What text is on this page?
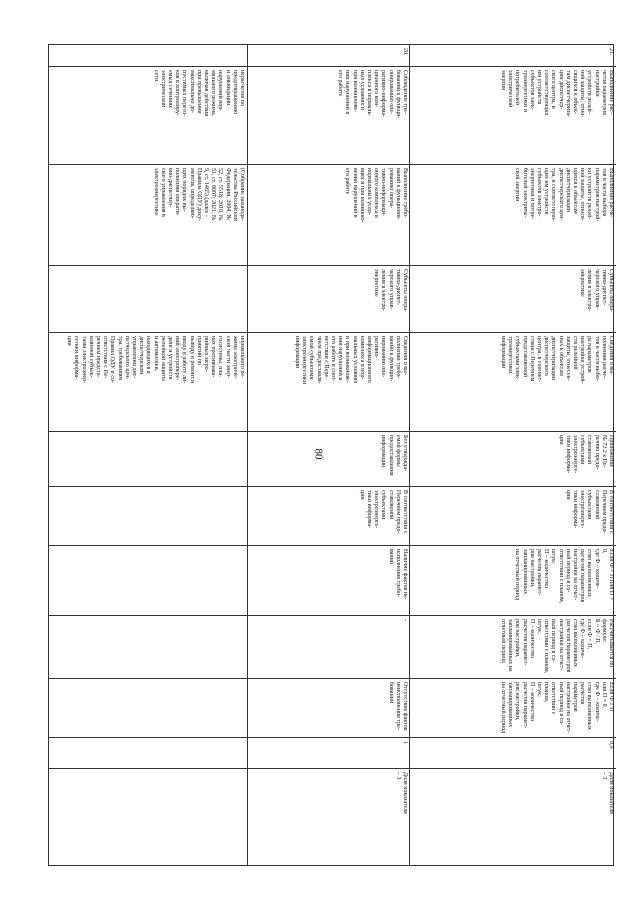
80
нерасчетов по
предотвращению
и ликвидации
нарушений нор-
мального режима,
включая действия
при превышении
максимально до-
пустимых перето-
ков в контролиру-
емых сечениях
электрической
сети
(Собрание законода-
тельства Российской
Федерации, 2004, №
52, ст. 5518; 2018, №
51, ст. 8007; 2021, №
9, ст. 1465) (далее -
Правила ОДУ) доку-
ментов, определяю-
щих порядок вы-
полнения операти-
вно-диспетчер-
ского управления в
электроэнергетике
нормального ре-
жима электриче-
ской части энер-
госистемы, пла-
нах противоава-
рийных меро-
приятий по
выводу в ремонт и
вводу в работу ли-
ний электропере-
дачи и устройств
релейной защиты
и автоматики,
находящихся в
диспетчерском
управлении дис-
петчерского цен-
тра, требованиям
Правил ОДУ и со-
ответствия с Пе-
речнем предста-
вляемой субъек-
тами электроэнер-
гетики информа-
ции
20.
Соблюдение тре-
бований к функци-
онированию опе-
ративно-информа-
ционного ком-
плекса в нормаль-
ных условиях и
при возникнове-
нии нарушений в
его работе
Выполнение требо-
ваний к функциони-
рованию опера-
тивно-информаци-
онного комплекса в
нормальных усло-
виях и при возникно-
вении нарушений в
его работе
Субъекты опера-
тивно-диспет-
черского управ-
ления в электро-
энергетике
Сведения о вы-
полнении требо-
ваний к функцио-
нированию опе-
ративно-
информационного
комплекса в нор-
мальных условиях
и при возникнове-
нии нарушений в
его работе в соот-
ветствии с Пере-
чнем предоставля-
емой субъектами
электроэнергетики
информации
Без утвержда-
емой формы
предоставления
информации
В соответствии с
Перечнем предо-
ставляемой
субъектами
электроэнерге-
тики информа-
ции
Наличие фактов не-
исполнения требо-
ваний
-
Отсутствие фактов
неисполнения тре-
бований
1
Доля показателя
– 3
21.
Выполнение рас-
четов параметров
настройки
устройств релей-
ной защиты, отно-
сящихся к объек-
там диспетчериза-
ции диспетчер-
ского центра, и
соответствующих
им устройств
субъектов элек-
троэнергетики и
потребителей
электрической
энергии
Выполнение расче-
тов в части выбора
параметров настрой-
ки устройств релей-
ной защиты, относя-
щихся к объектам
диспетчеризации
диспетчерского цен-
тра, и соответствую-
щих им устройств
субъектов электро-
энергетики и потре-
бителей электриче-
ской энергии
Субъекты опера-
тивно-диспет-
черского управ-
ления в электро-
энергетике
Сведения о вы-
полнении расче-
тов в части выбо-
ра параметров
настройки устрой-
ств релейной
защиты, отнесен-
ных к объектам
диспетчеризации
диспетчерского
центра, в соответ-
ствии с Перечнем
представляемой
субъектами элек-
троэнергетики
информации
Приложение
№ 72.2 к Пе-
речню предо-
ставляемой
субъектами
электроэнерге-
тики информа-
ции
В соответствии с
Перечнем предо-
ставляемой
субъектами
электроэнерге-
тики информа-
ции
Если Ф < П или П >
0,
где Ф – количе-
ство выполненных
расчетов параметров
настройки на отчет-
ный период в со-
ответствии с планом,
штук;
П – количество
расчетов парамет-
ров настройки,
запланированных
на отчетный период
Рассчитывается по
формуле:
Б = Ф / П,
если Ф < П,
где Ф – количе-
ство выполненных
расчетов параметров
настройки на отчет-
ный период в со-
ответствии с планом,
штук;
П – количество
расчетов парамет-
ров настройки,
запланированных на
отчетный период
Если Ф ≥ П
или П = 0,
где Ф – количе-
ство выполненных
расчетов параметров
настройки на отчет-
ный период в со-
ответствии с планом,
штук;
П – количество
расчетов парамет-
ров настройки,
запланированных
на отчетный период
0,9
Доля показателя
– 3
